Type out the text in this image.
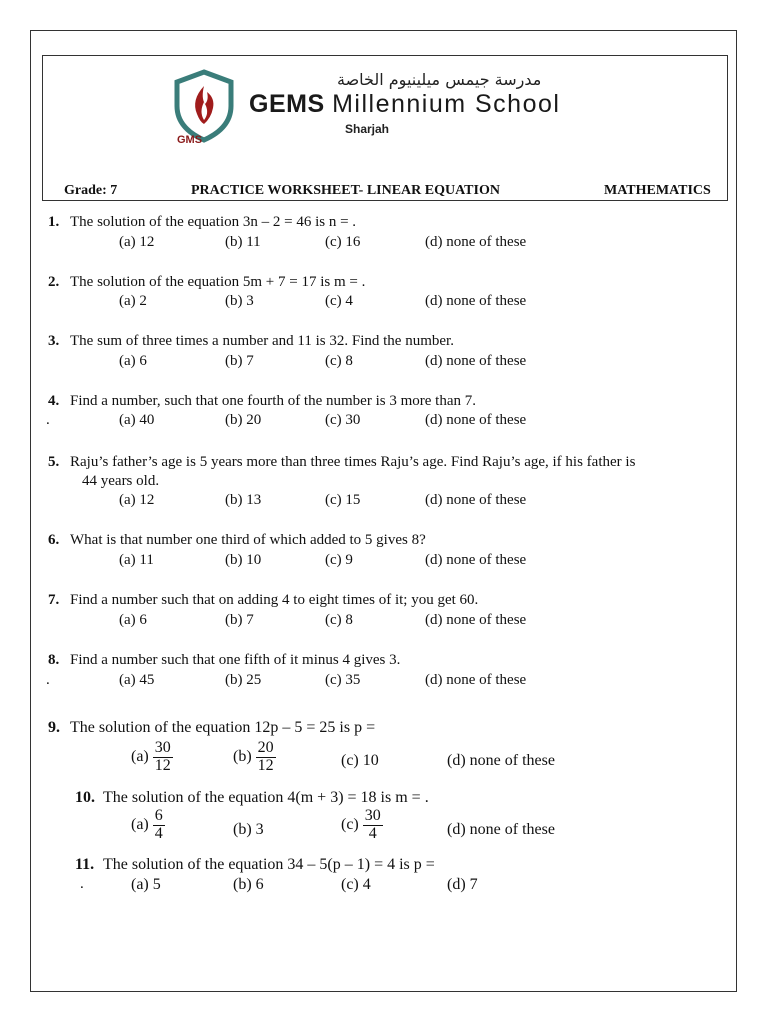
GMS
مدرسة جيمس ميلينيوم الخاصة
GEMS Millennium School
Sharjah
Grade: 7	PRACTICE WORKSHEET- LINEAR EQUATION	MATHEMATICS
1. The solution of the equation 3n – 2 = 46 is n = .
(a) 12	(b) 11	(c) 16	(d) none of these
2. The solution of the equation 5m + 7 = 17 is m = .
(a) 2	(b) 3	(c) 4	(d) none of these
3. The sum of three times a number and 11 is 32. Find the number.
(a) 6	(b) 7	(c) 8	(d) none of these
4. Find a number, such that one fourth of the number is 3 more than 7.
.	(a) 40	(b) 20	(c) 30	(d) none of these
5. Raju’s father’s age is 5 years more than three times Raju’s age. Find Raju’s age, if his father is
44 years old.
(a) 12	(b) 13	(c) 15	(d) none of these
6. What is that number one third of which added to 5 gives 8?
(a) 11	(b) 10	(c) 9	(d) none of these
7. Find a number such that on adding 4 to eight times of it; you get 60.
(a) 6	(b) 7	(c) 8	(d) none of these
8. Find a number such that one fifth of it minus 4 gives 3.
.	(a) 45	(b) 25	(c) 35	(d) none of these
9. The solution of the equation 12p – 5 = 25 is p =
$(a) \frac{30}{12}$	$(b) \frac{20}{12}$	(c) 10	(d) none of these
10. The solution of the equation 4(m + 3) = 18 is m = .
$(a) \frac{6}{4}$	(b) 3	$(c) \frac{30}{4}$	(d) none of these
11. The solution of the equation 34 – 5(p – 1) = 4 is p =
.	(a) 5	(b) 6	(c) 4	(d) 7
